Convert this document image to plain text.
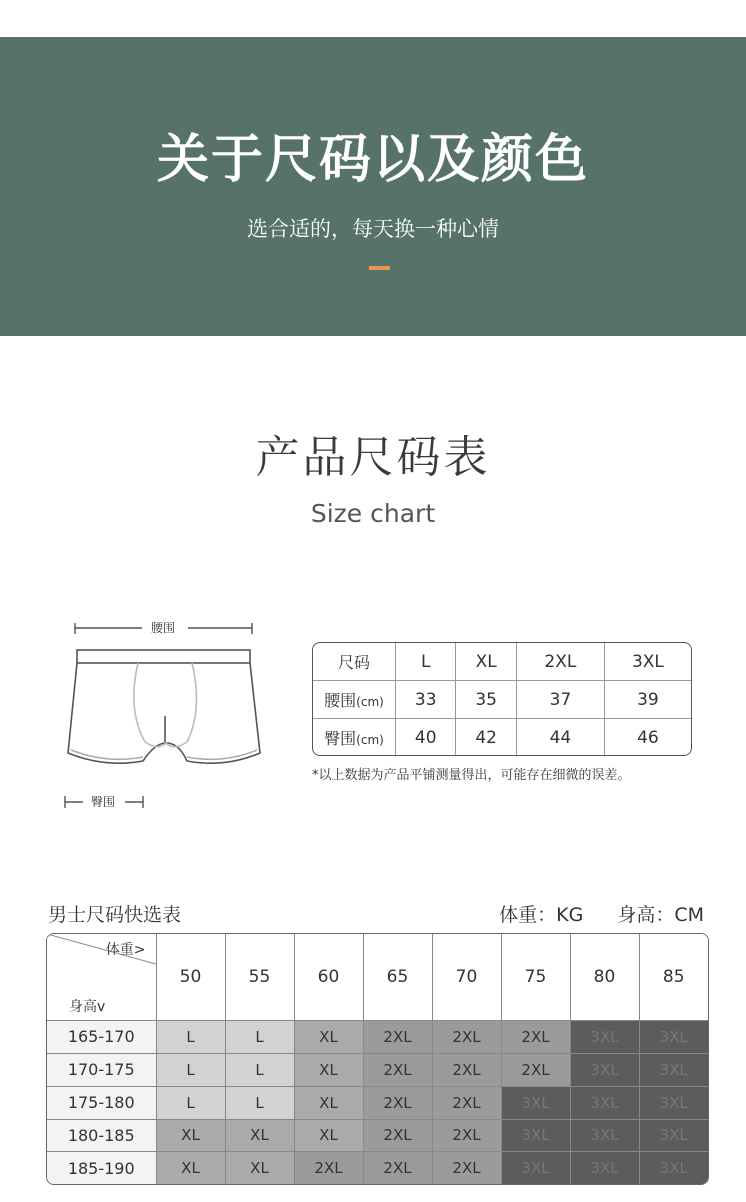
关于尺码以及颜色
选合适的，每天换一种心情
产品尺码表
Size chart
腰围
臀围
尺码	L	XL	2XL	3XL
腰围(cm)	33	35	37	39
臀围(cm)	40	42	44	46
*以上数据为产品平铺测量得出，可能存在细微的误差。
男士尺码快选表	体重：KG 身高：CM
体重>
身高v	50	55	60	65	70	75	80	85
165-170	L	L	XL	2XL	2XL	2XL	3XL	3XL
170-175	L	L	XL	2XL	2XL	2XL	3XL	3XL
175-180	L	L	XL	2XL	2XL	3XL	3XL	3XL
180-185	XL	XL	XL	2XL	2XL	3XL	3XL	3XL
185-190	XL	XL	2XL	2XL	2XL	3XL	3XL	3XL
